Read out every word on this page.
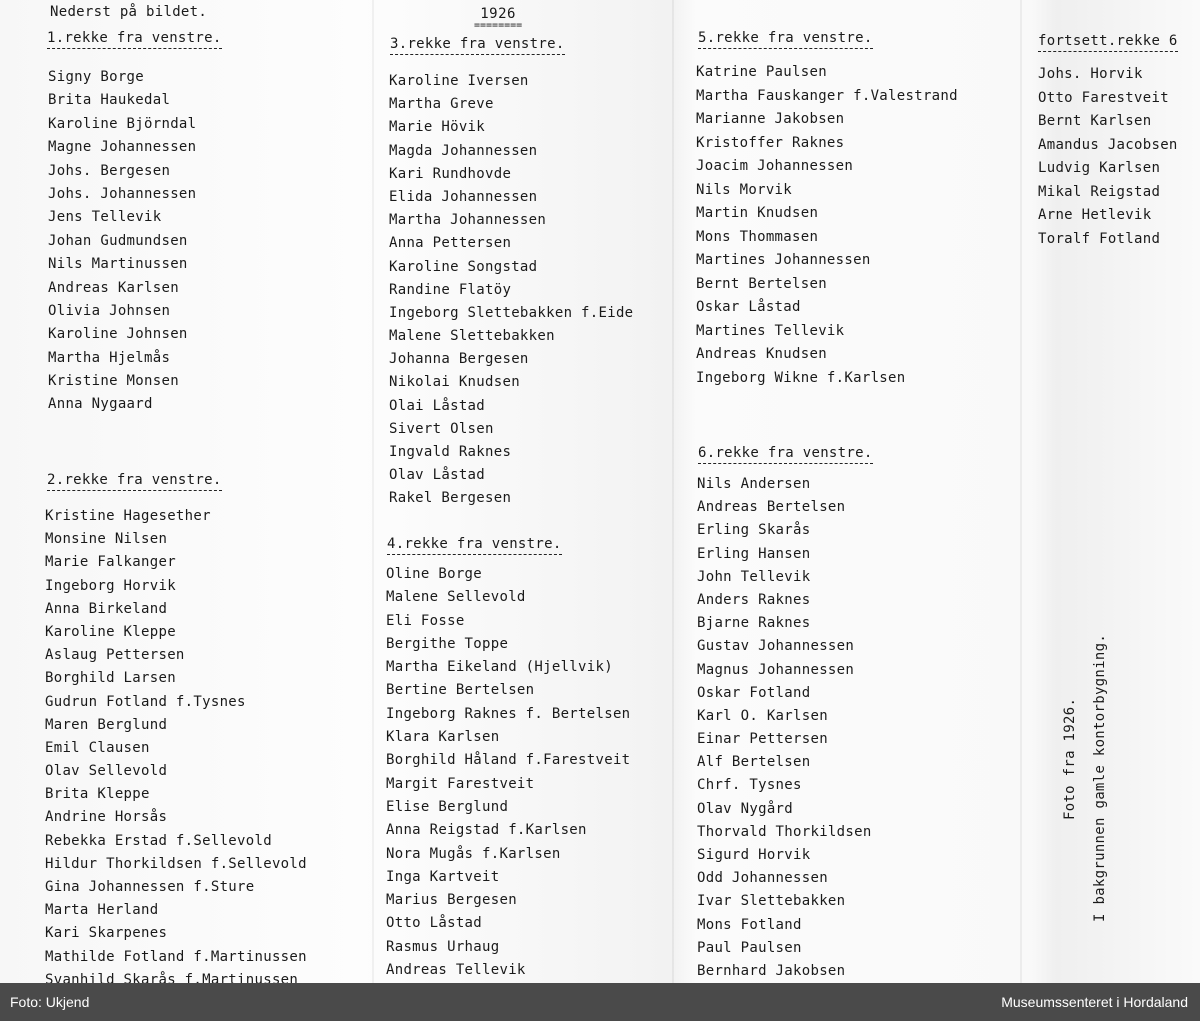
Nederst på bildet.	1926
========
1.rekke fra venstre.
Signy Borge
Brita Haukedal
Karoline Björndal
Magne Johannessen
Johs. Bergesen
Johs. Johannessen
Jens Tellevik
Johan Gudmundsen
Nils Martinussen
Andreas Karlsen
Olivia Johnsen
Karoline Johnsen
Martha Hjelmås
Kristine Monsen
Anna Nygaard
2.rekke fra venstre.
Kristine Hagesether
Monsine Nilsen
Marie Falkanger
Ingeborg Horvik
Anna Birkeland
Karoline Kleppe
Aslaug Pettersen
Borghild Larsen
Gudrun Fotland f.Tysnes
Maren Berglund
Emil Clausen
Olav Sellevold
Brita Kleppe
Andrine Horsås
Rebekka Erstad f.Sellevold
Hildur Thorkildsen f.Sellevold
Gina Johannessen f.Sture
Marta Herland
Kari Skarpenes
Mathilde Fotland f.Martinussen
Svanhild Skarås f.Martinussen
3.rekke fra venstre.
Karoline Iversen
Martha Greve
Marie Hövik
Magda Johannessen
Kari Rundhovde
Elida Johannessen
Martha Johannessen
Anna Pettersen
Karoline Songstad
Randine Flatöy
Ingeborg Slettebakken f.Eide
Malene Slettebakken
Johanna Bergesen
Nikolai Knudsen
Olai Låstad
Sivert Olsen
Ingvald Raknes
Olav Låstad
Rakel Bergesen
4.rekke fra venstre.
Oline Borge
Malene Sellevold
Eli Fosse
Bergithe Toppe
Martha Eikeland (Hjellvik)
Bertine Bertelsen
Ingeborg Raknes f. Bertelsen
Klara Karlsen
Borghild Håland f.Farestveit
Margit Farestveit
Elise Berglund
Anna Reigstad f.Karlsen
Nora Mugås f.Karlsen
Inga Kartveit
Marius Bergesen
Otto Låstad
Rasmus Urhaug
Andreas Tellevik
5.rekke fra venstre.
Katrine Paulsen
Martha Fauskanger f.Valestrand
Marianne Jakobsen
Kristoffer Raknes
Joacim Johannessen
Nils Morvik
Martin Knudsen
Mons Thommasen
Martines Johannessen
Bernt Bertelsen
Oskar Låstad
Martines Tellevik
Andreas Knudsen
Ingeborg Wikne f.Karlsen
6.rekke fra venstre.
Nils Andersen
Andreas Bertelsen
Erling Skarås
Erling Hansen
John Tellevik
Anders Raknes
Bjarne Raknes
Gustav Johannessen
Magnus Johannessen
Oskar Fotland
Karl O. Karlsen
Einar Pettersen
Alf Bertelsen
Chrf. Tysnes
Olav Nygård
Thorvald Thorkildsen
Sigurd Horvik
Odd Johannessen
Ivar Slettebakken
Mons Fotland
Paul Paulsen
Bernhard Jakobsen
fortsett.rekke 6
Johs. Horvik
Otto Farestveit
Bernt Karlsen
Amandus Jacobsen
Ludvig Karlsen
Mikal Reigstad
Arne Hetlevik
Toralf Fotland
Foto fra 1926. I bakgrunnen gamle kontorbygning.
Foto: Ukjend	Museumssenteret i Hordaland
